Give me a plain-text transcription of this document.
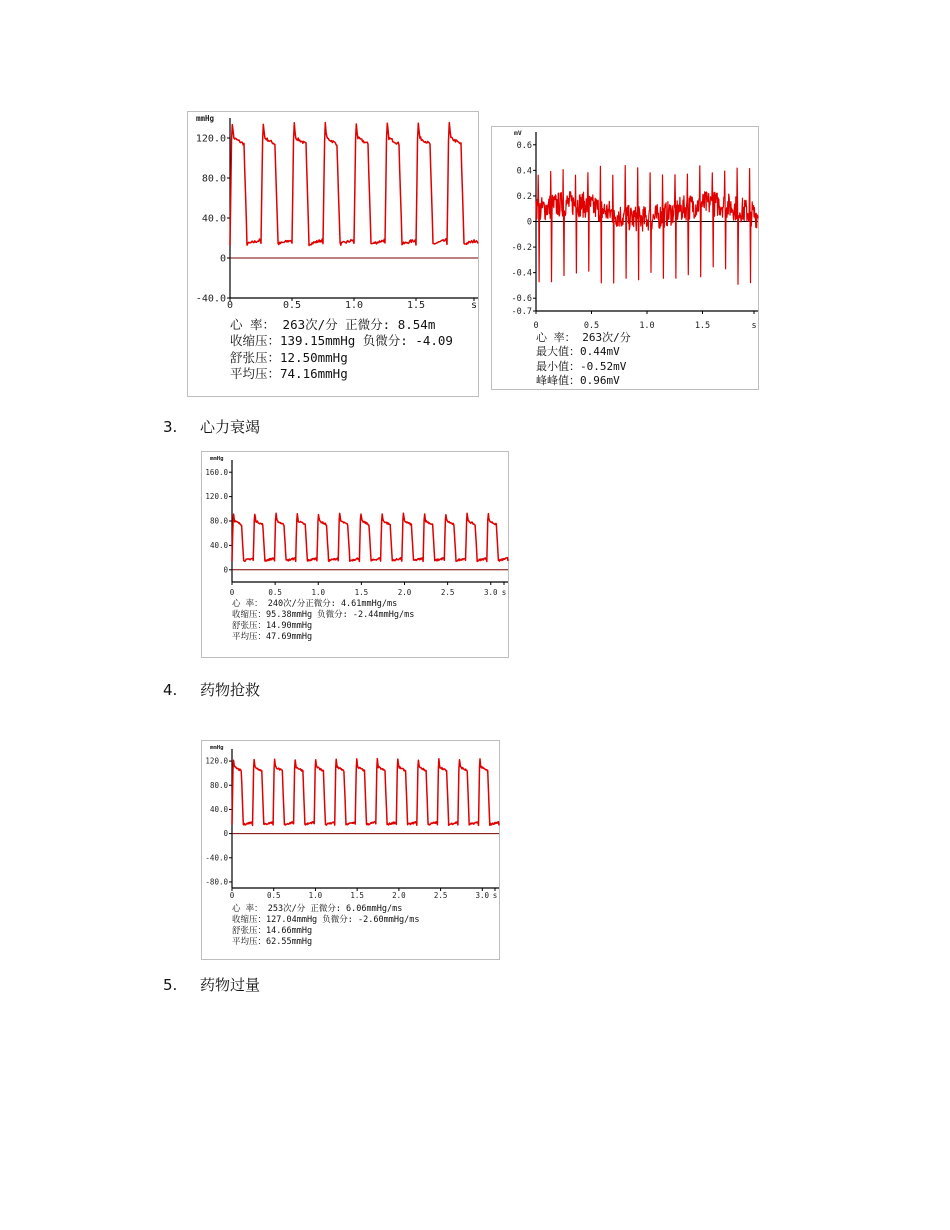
mmHg
120.0
80.0
40.0
0
-40.0
0	0.5	1.0	1.5	s
心 率： 263次/分 正微分: 8.54m
收缩压：139.15mmHg 负微分: -4.09
舒张压：12.50mmHg
平均压：74.16mmHg
mV
0.6
0.4
0.2
0
-0.2
-0.4
-0.6
-0.7
0	0.5	1.0	1.5	s
心 率： 263次/分
最大值：0.44mV
最小值：-0.52mV
峰峰值：0.96mV
3. 心力衰竭
mmHg
160.0
120.0
80.0
40.0
0
0	0.5	1.0	1.5	2.0	2.5	3.0 s
心 率： 240次/分正微分: 4.61mmHg/ms
收缩压：95.38mmHg 负微分: -2.44mmHg/ms
舒张压：14.90mmHg
平均压：47.69mmHg
4. 药物抢救
mmHg
120.0
80.0
40.0
0
-40.0
-80.0
0	0.5	1.0	1.5	2.0	2.5	3.0 s
心 率： 253次/分 正微分: 6.06mmHg/ms
收缩压：127.04mmHg 负微分: -2.60mmHg/ms
舒张压：14.66mmHg
平均压：62.55mmHg
5. 药物过量
